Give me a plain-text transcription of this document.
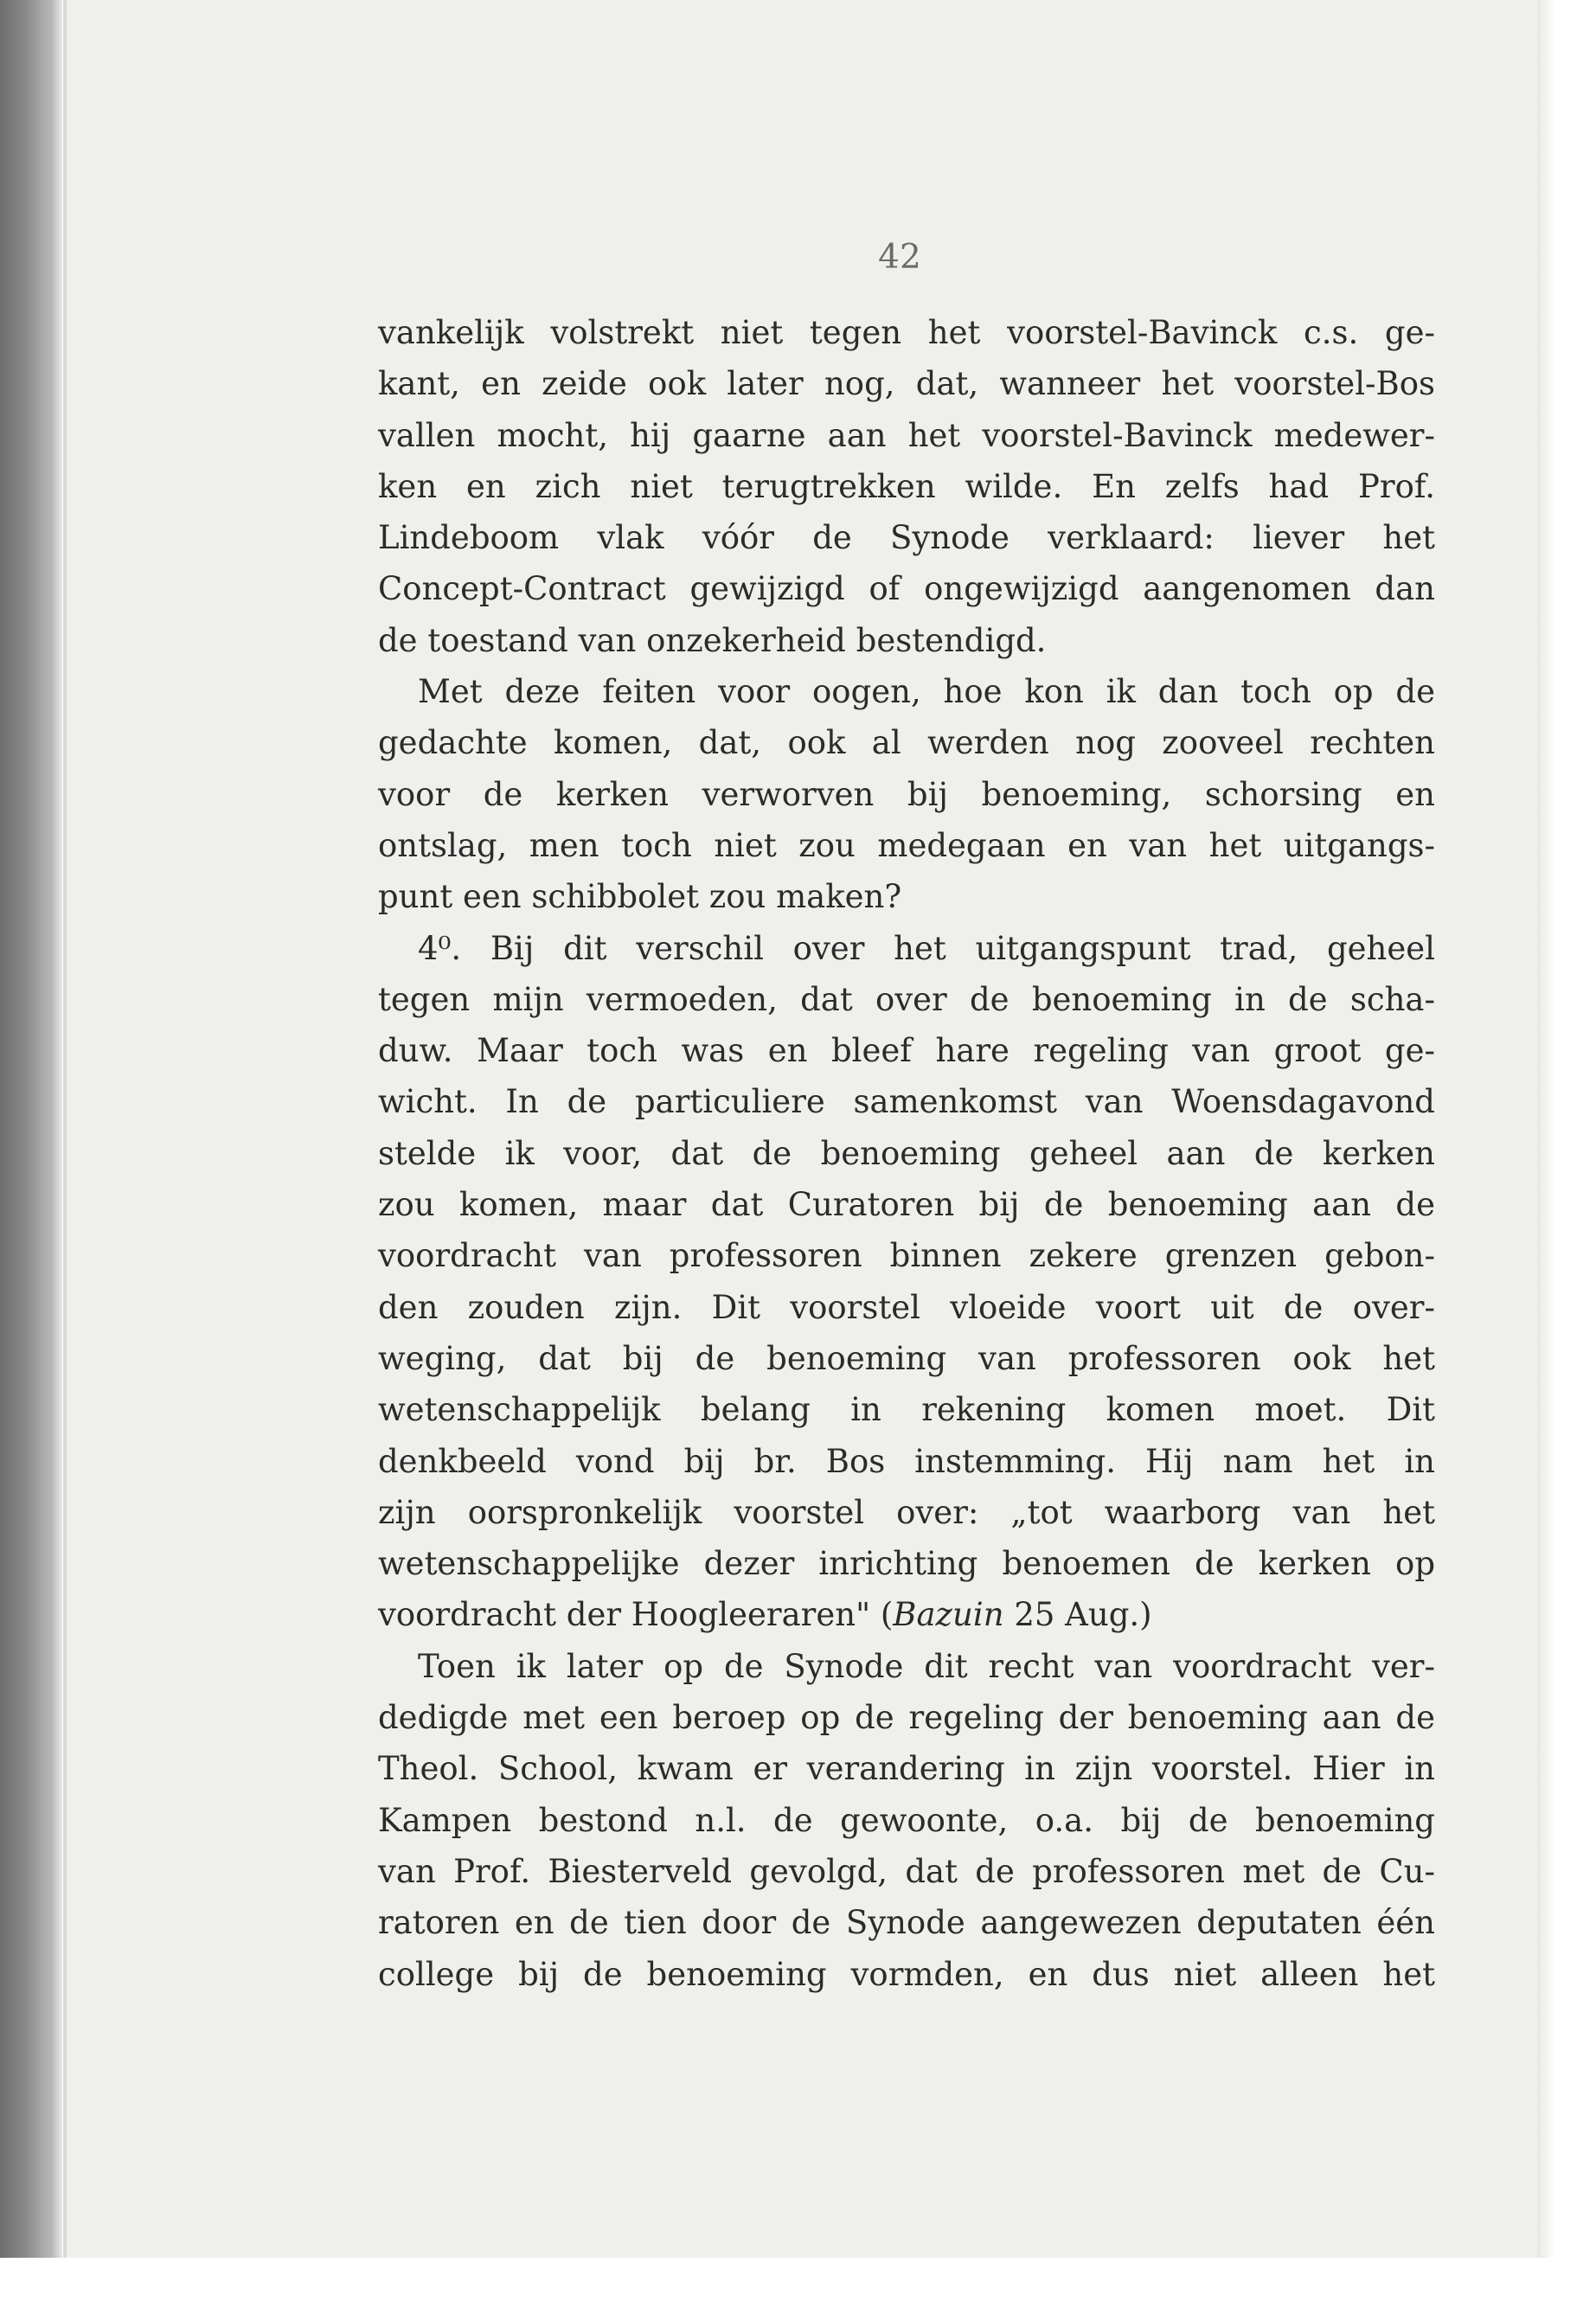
42
vankelijk volstrekt niet tegen het voorstel-Bavinck c.s. ge-
kant, en zeide ook later nog, dat, wanneer het voorstel-Bos
vallen mocht, hij gaarne aan het voorstel-Bavinck medewer-
ken en zich niet terugtrekken wilde. En zelfs had Prof.
Lindeboom vlak vóór de Synode verklaard: liever het
Concept-Contract gewijzigd of ongewijzigd aangenomen dan
de toestand van onzekerheid bestendigd.
Met deze feiten voor oogen, hoe kon ik dan toch op de
gedachte komen, dat, ook al werden nog zooveel rechten
voor de kerken verworven bij benoeming, schorsing en
ontslag, men toch niet zou medegaan en van het uitgangs-
punt een schibbolet zou maken?
4⁰. Bij dit verschil over het uitgangspunt trad, geheel
tegen mijn vermoeden, dat over de benoeming in de scha-
duw. Maar toch was en bleef hare regeling van groot ge-
wicht. In de particuliere samenkomst van Woensdagavond
stelde ik voor, dat de benoeming geheel aan de kerken
zou komen, maar dat Curatoren bij de benoeming aan de
voordracht van professoren binnen zekere grenzen gebon-
den zouden zijn. Dit voorstel vloeide voort uit de over-
weging, dat bij de benoeming van professoren ook het
wetenschappelijk belang in rekening komen moet. Dit
denkbeeld vond bij br. Bos instemming. Hij nam het in
zijn oorspronkelijk voorstel over: „tot waarborg van het
wetenschappelijke dezer inrichting benoemen de kerken op
voordracht der Hoogleeraren" (Bazuin 25 Aug.)
Toen ik later op de Synode dit recht van voordracht ver-
dedigde met een beroep op de regeling der benoeming aan de
Theol. School, kwam er verandering in zijn voorstel. Hier in
Kampen bestond n.l. de gewoonte, o.a. bij de benoeming
van Prof. Biesterveld gevolgd, dat de professoren met de Cu-
ratoren en de tien door de Synode aangewezen deputaten één
college bij de benoeming vormden, en dus niet alleen het
